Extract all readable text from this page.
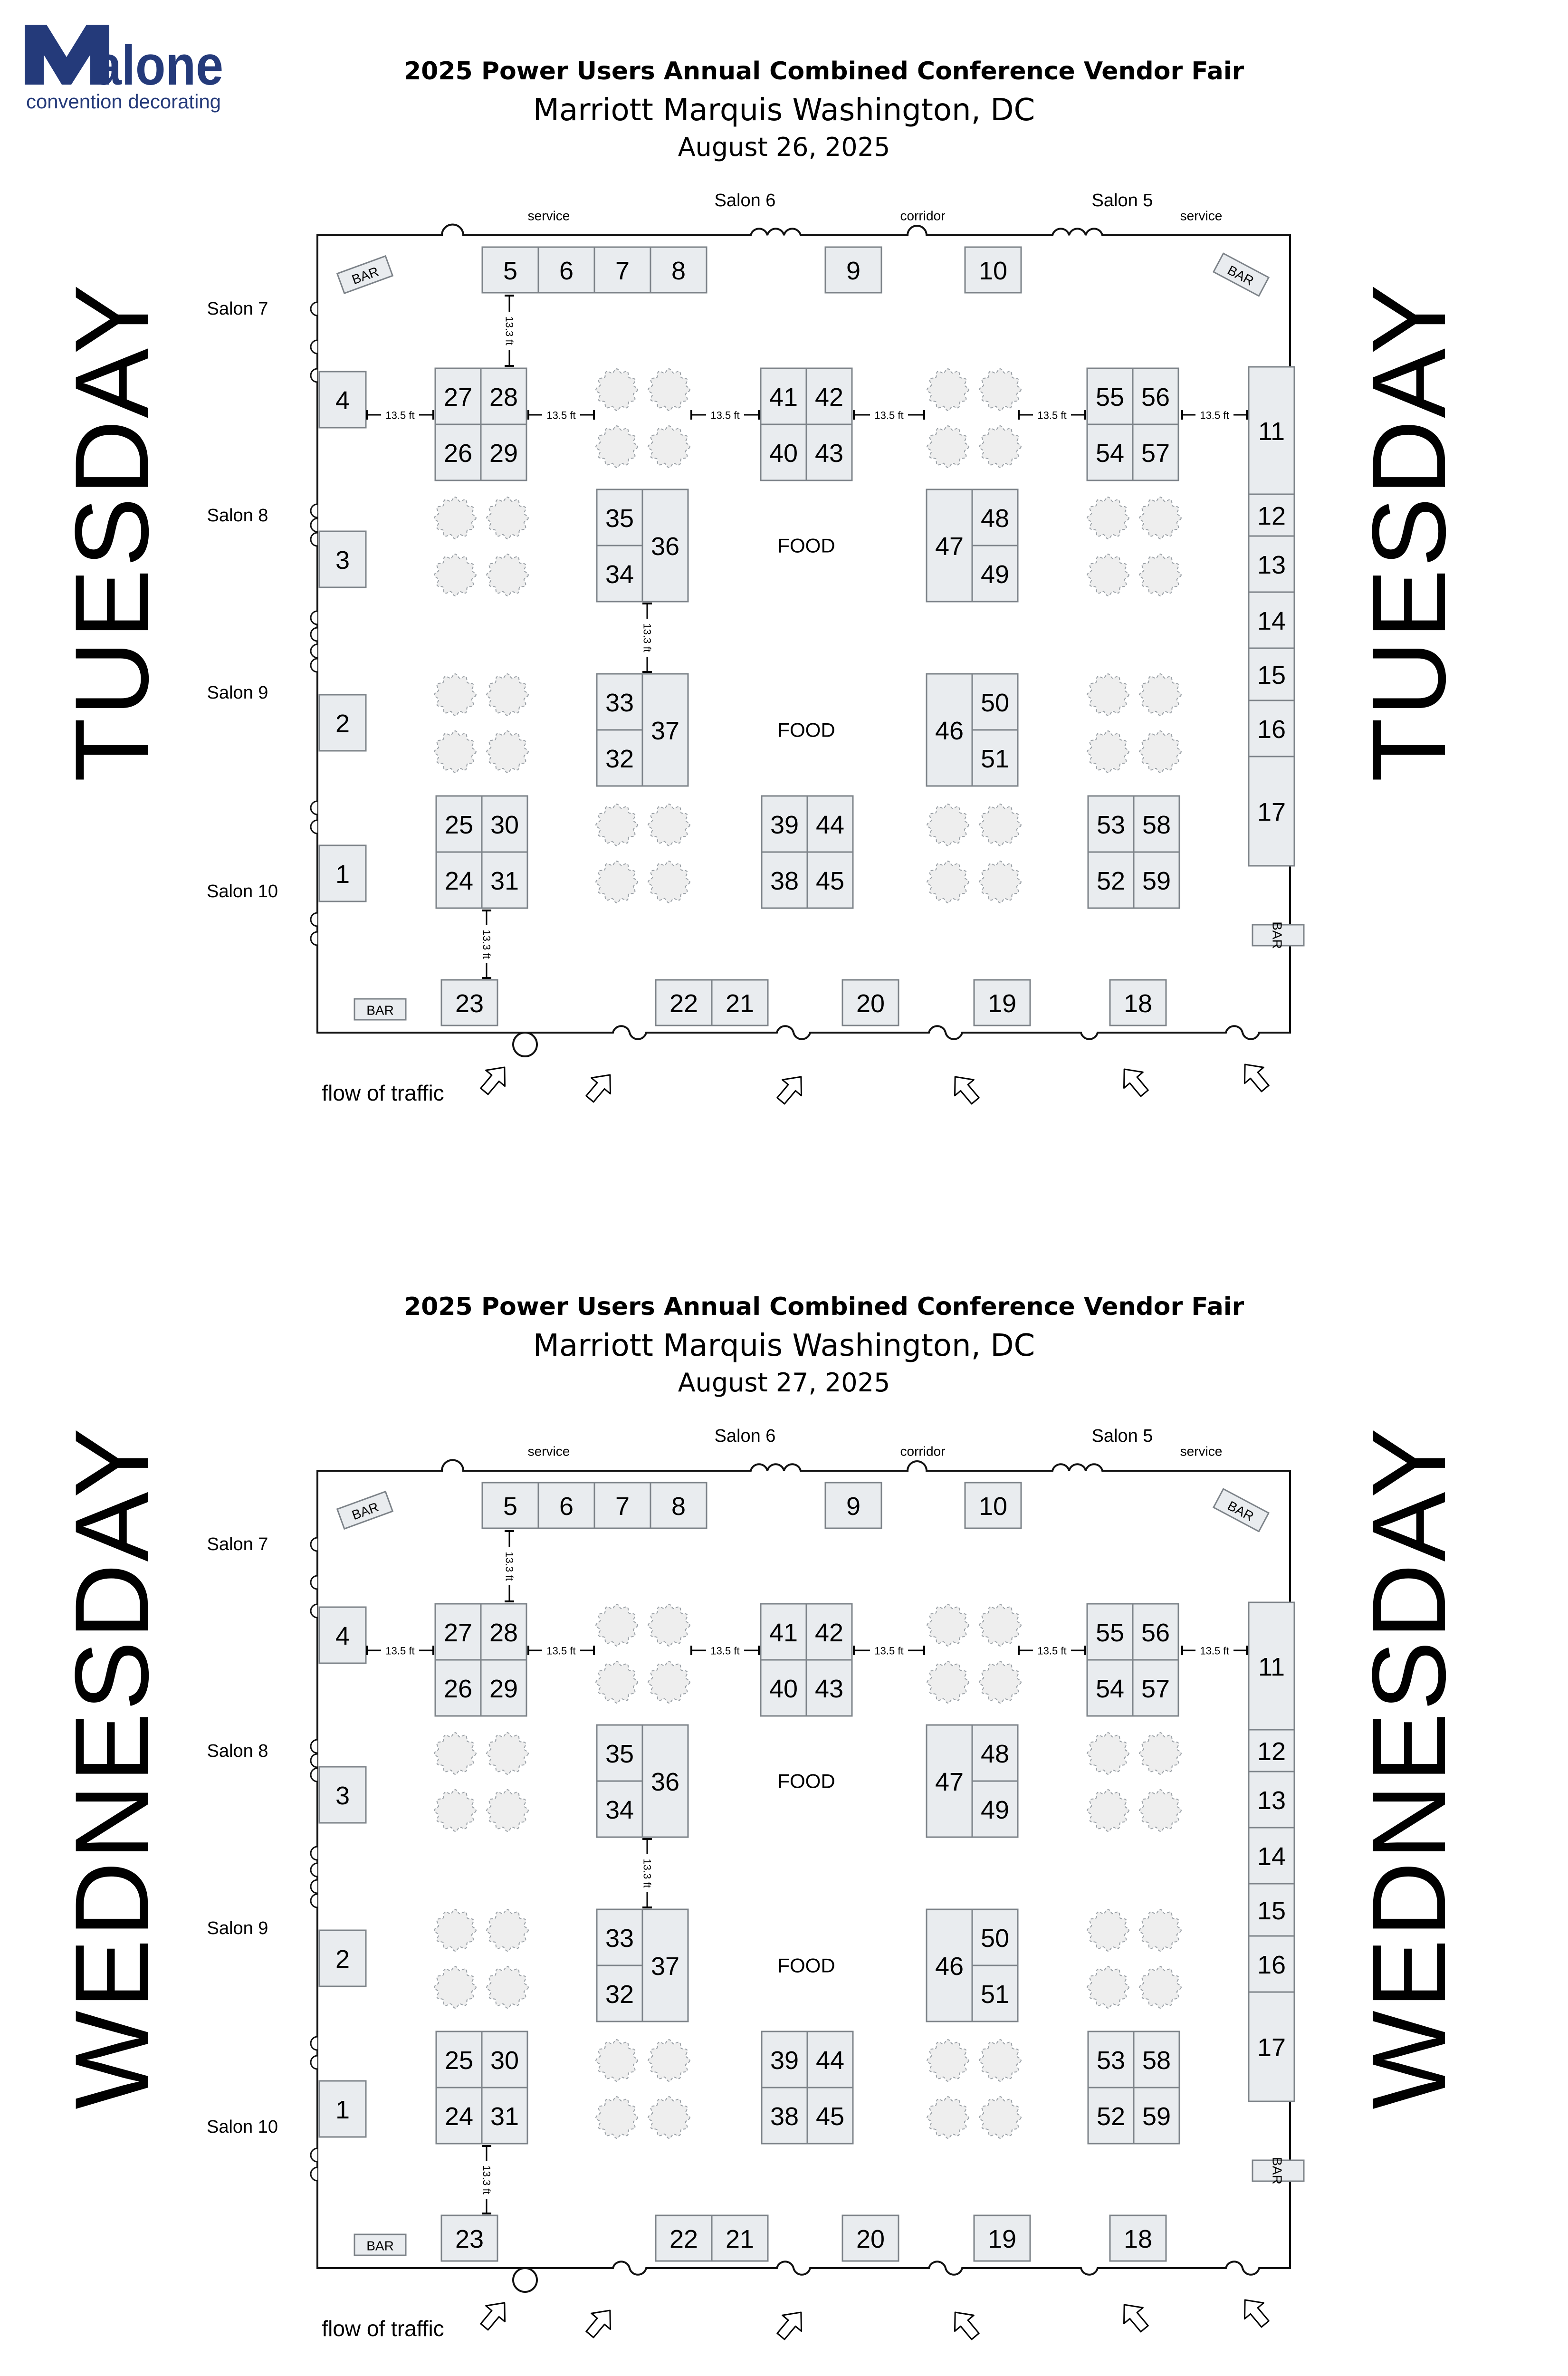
alone
convention decorating
2025 Power Users Annual Combined Conference Vendor Fair
Marriott Marquis Washington, DC
August 26, 2025
TUESDAY	TUESDAY
Salon 6	Salon 5
Salon 7
Salon 8
Salon 9
Salon 10
service	corridor	service
BAR	BAR
BAR
BAR
5 6 7 8	9	10
4
3
2
1
27 28
26 29
41 42
40 43
55 56
54 57
35
34
36	47
48
49
33
32
37	46
50
51
25 30
24 31
39 44
38 45
53 58
52 59
11
12
13
14
15
16
17
23	22 21	20	19	18
FOOD
FOOD
13.5 ft	13.5 ft	13.5 ft	13.5 ft	13.5 ft	13.5 ft
13.3 ft
13.3 ft
13.3 ft
flow of traffic
2025 Power Users Annual Combined Conference Vendor Fair
Marriott Marquis Washington, DC
August 27, 2025
WEDNESDAY	WEDNESDAY
Salon 6	Salon 5
Salon 7
Salon 8
Salon 9
Salon 10
service	corridor	service
BAR	BAR
BAR
BAR
5 6 7 8	9	10
4
3
2
1
27 28
26 29
41 42
40 43
55 56
54 57
35
34
36	47
48
49
33
32
37	46
50
51
25 30
24 31
39 44
38 45
53 58
52 59
11
12
13
14
15
16
17
23	22 21	20	19	18
FOOD
FOOD
13.5 ft	13.5 ft	13.5 ft	13.5 ft	13.5 ft	13.5 ft
13.3 ft
13.3 ft
13.3 ft
flow of traffic
